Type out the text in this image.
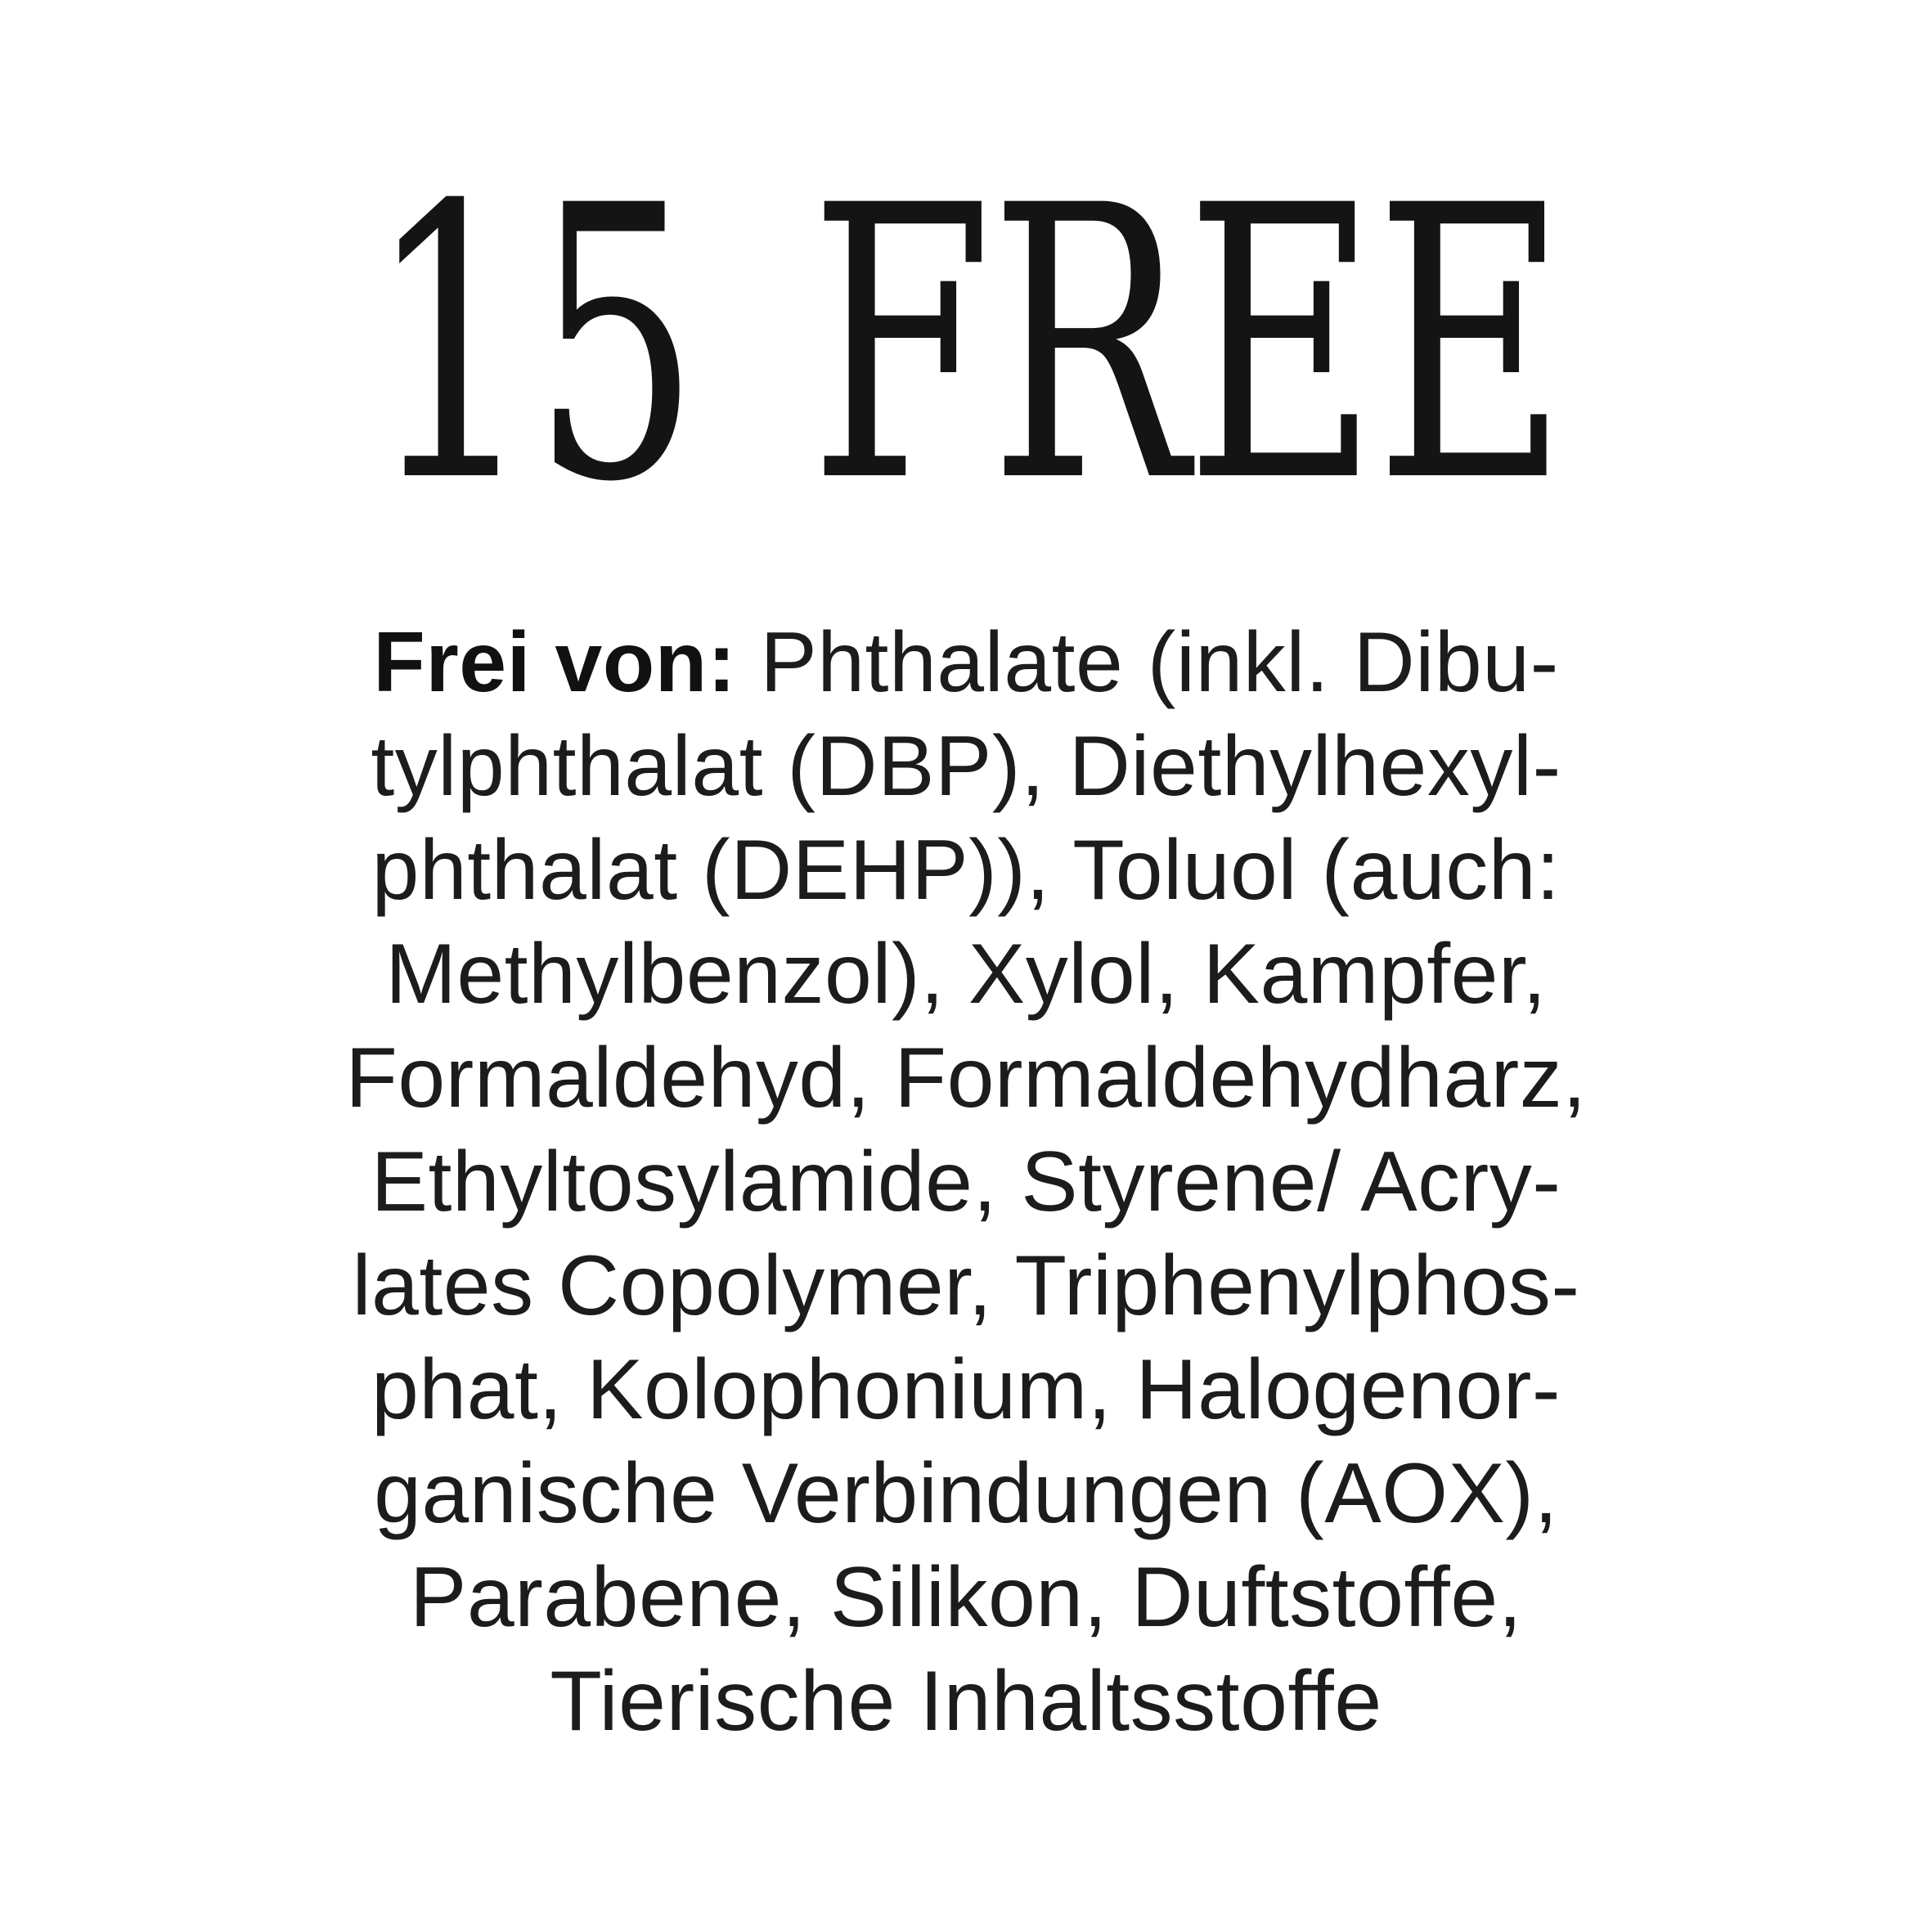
15 FREE
Frei von: Phthalate (inkl. Dibu-
tylphthalat (DBP), Diethylhexyl-
phthalat (DEHP)), Toluol (auch:
Methylbenzol), Xylol, Kampfer,
Formaldehyd, Formaldehydharz,
Ethyltosylamide, Styrene/ Acry-
lates Copolymer, Triphenylphos-
phat, Kolophonium, Halogenor-
ganische Verbindungen (AOX),
Parabene, Silikon, Duftstoffe,
Tierische Inhaltsstoffe
